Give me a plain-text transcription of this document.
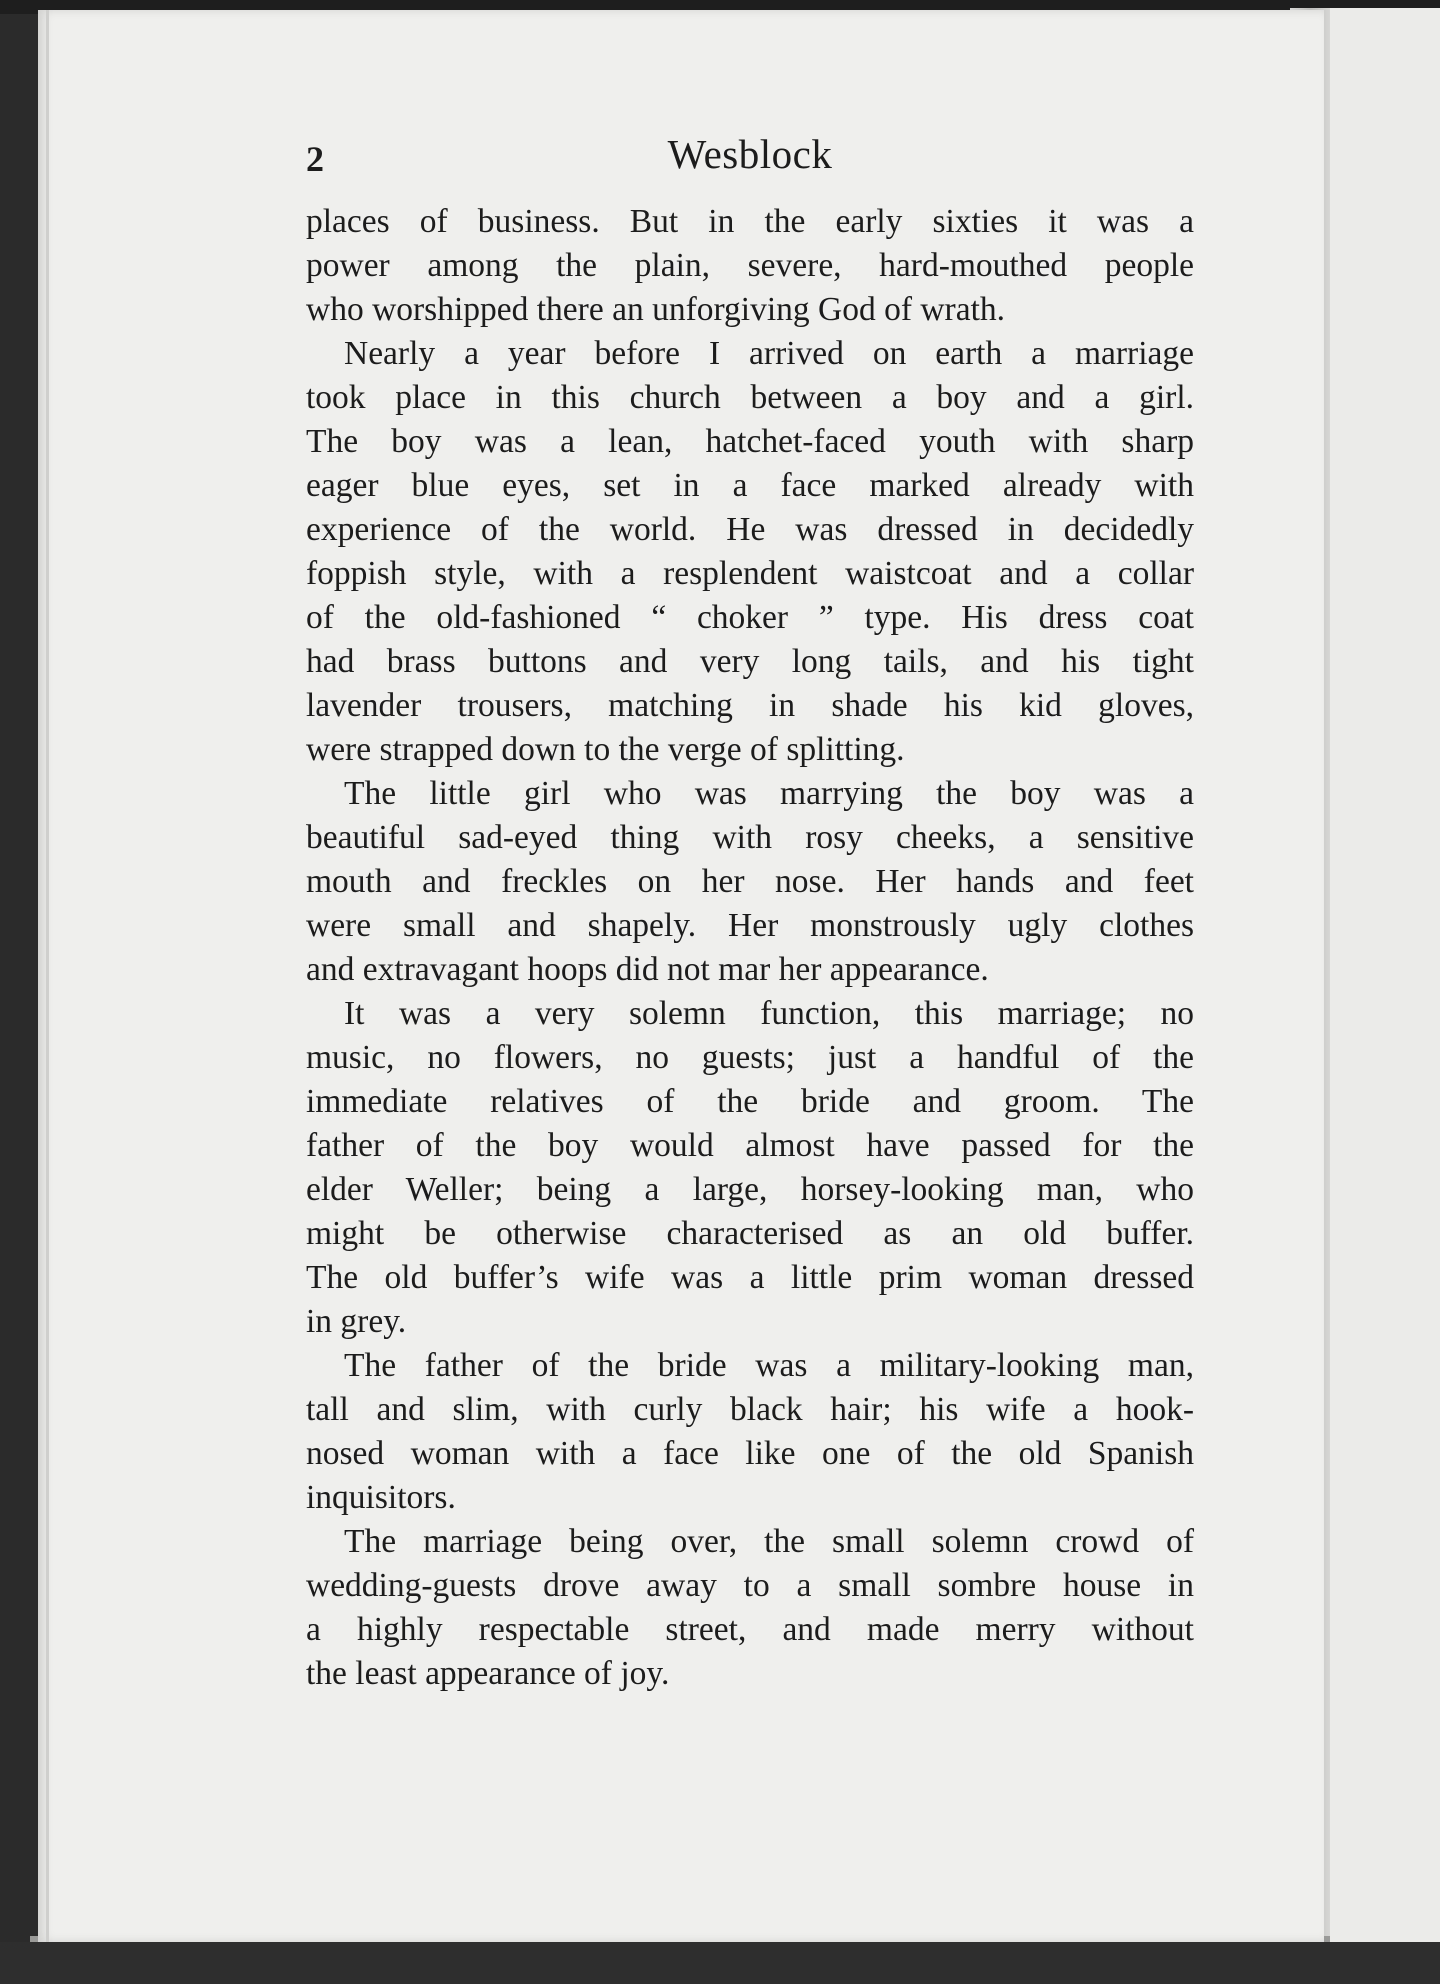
2	Wesblock

places of business. But in the early sixties it was a
power among the plain, severe, hard-mouthed people
who worshipped there an unforgiving God of wrath.

Nearly a year before I arrived on earth a marriage
took place in this church between a boy and a girl.
The boy was a lean, hatchet-faced youth with sharp
eager blue eyes, set in a face marked already with
experience of the world. He was dressed in decidedly
foppish style, with a resplendent waistcoat and a collar
of the old-fashioned “ choker ” type. His dress coat
had brass buttons and very long tails, and his tight
lavender trousers, matching in shade his kid gloves,
were strapped down to the verge of splitting.

The little girl who was marrying the boy was a
beautiful sad-eyed thing with rosy cheeks, a sensitive
mouth and freckles on her nose. Her hands and feet
were small and shapely. Her monstrously ugly clothes
and extravagant hoops did not mar her appearance.

It was a very solemn function, this marriage; no
music, no flowers, no guests; just a handful of the
immediate relatives of the bride and groom. The
father of the boy would almost have passed for the
elder Weller; being a large, horsey-looking man, who
might be otherwise characterised as an old buffer.
The old buffer’s wife was a little prim woman dressed
in grey.

The father of the bride was a military-looking man,
tall and slim, with curly black hair; his wife a hook-
nosed woman with a face like one of the old Spanish
inquisitors.

The marriage being over, the small solemn crowd of
wedding-guests drove away to a small sombre house in
a highly respectable street, and made merry without
the least appearance of joy.
